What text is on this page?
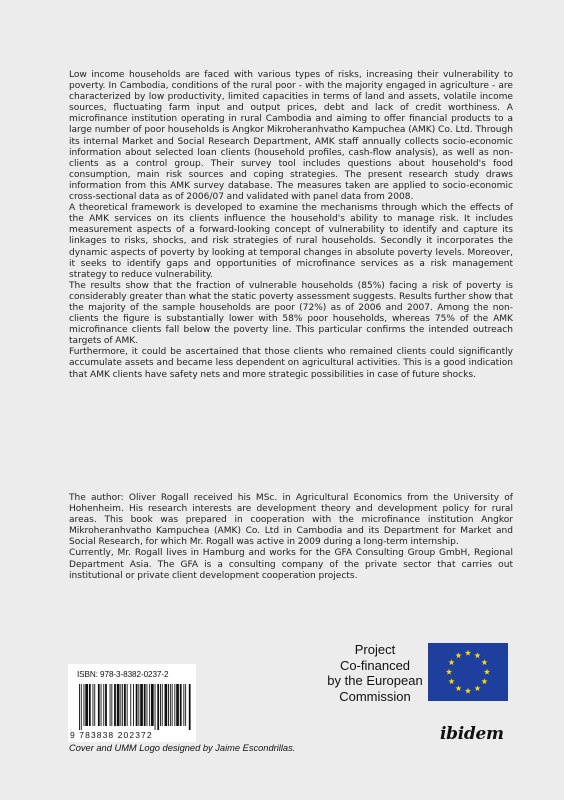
Low income households are faced with various types of risks, increasing their vulnerability to poverty. In Cambodia, conditions of the rural poor - with the majority engaged in agriculture - are characterized by low productivity, limited capacities in terms of land and assets, volatile income sources, fluctuating farm input and output prices, debt and lack of credit worthiness. A microfinance institution operating in rural Cambodia and aiming to offer financial products to a large number of poor households is Angkor Mikroheranhvatho Kampuchea (AMK) Co. Ltd. Through its internal Market and Social Research Department, AMK staff annually collects socio-economic information about selected loan clients (household profiles, cash-flow analysis), as well as non-clients as a control group. Their survey tool includes questions about household's food consumption, main risk sources and coping strategies. The present research study draws information from this AMK survey database. The measures taken are applied to socio-economic cross-sectional data as of 2006/07 and validated with panel data from 2008.

A theoretical framework is developed to examine the mechanisms through which the effects of the AMK services on its clients influence the household's ability to manage risk. It includes measurement aspects of a forward-looking concept of vulnerability to identify and capture its linkages to risks, shocks, and risk strategies of rural households. Secondly it incorporates the dynamic aspects of poverty by looking at temporal changes in absolute poverty levels. Moreover, it seeks to identify gaps and opportunities of microfinance services as a risk management strategy to reduce vulnerability.

The results show that the fraction of vulnerable households (85%) facing a risk of poverty is considerably greater than what the static poverty assessment suggests. Results further show that the majority of the sample households are poor (72%) as of 2006 and 2007. Among the non-clients the figure is substantially lower with 58% poor households, whereas 75% of the AMK microfinance clients fall below the poverty line. This particular confirms the intended outreach targets of AMK.

Furthermore, it could be ascertained that those clients who remained clients could significantly accumulate assets and became less dependent on agricultural activities. This is a good indication that AMK clients have safety nets and more strategic possibilities in case of future shocks.

The author: Oliver Rogall received his MSc. in Agricultural Economics from the University of Hohenheim. His research interests are development theory and development policy for rural areas. This book was prepared in cooperation with the microfinance institution Angkor Mikroheranhvatho Kampuchea (AMK) Co. Ltd in Cambodia and its Department for Market and Social Research, for which Mr. Rogall was active in 2009 during a long-term internship.

Currently, Mr. Rogall lives in Hamburg and works for the GFA Consulting Group GmbH, Regional Department Asia. The GFA is a consulting company of the private sector that carries out institutional or private client development cooperation projects.

Project
Co-financed
by the European
Commission
ISBN: 978-3-8382-0237-2
9 783838 202372	ibidem
Cover and UMM Logo designed by Jaime Escondrillas.
